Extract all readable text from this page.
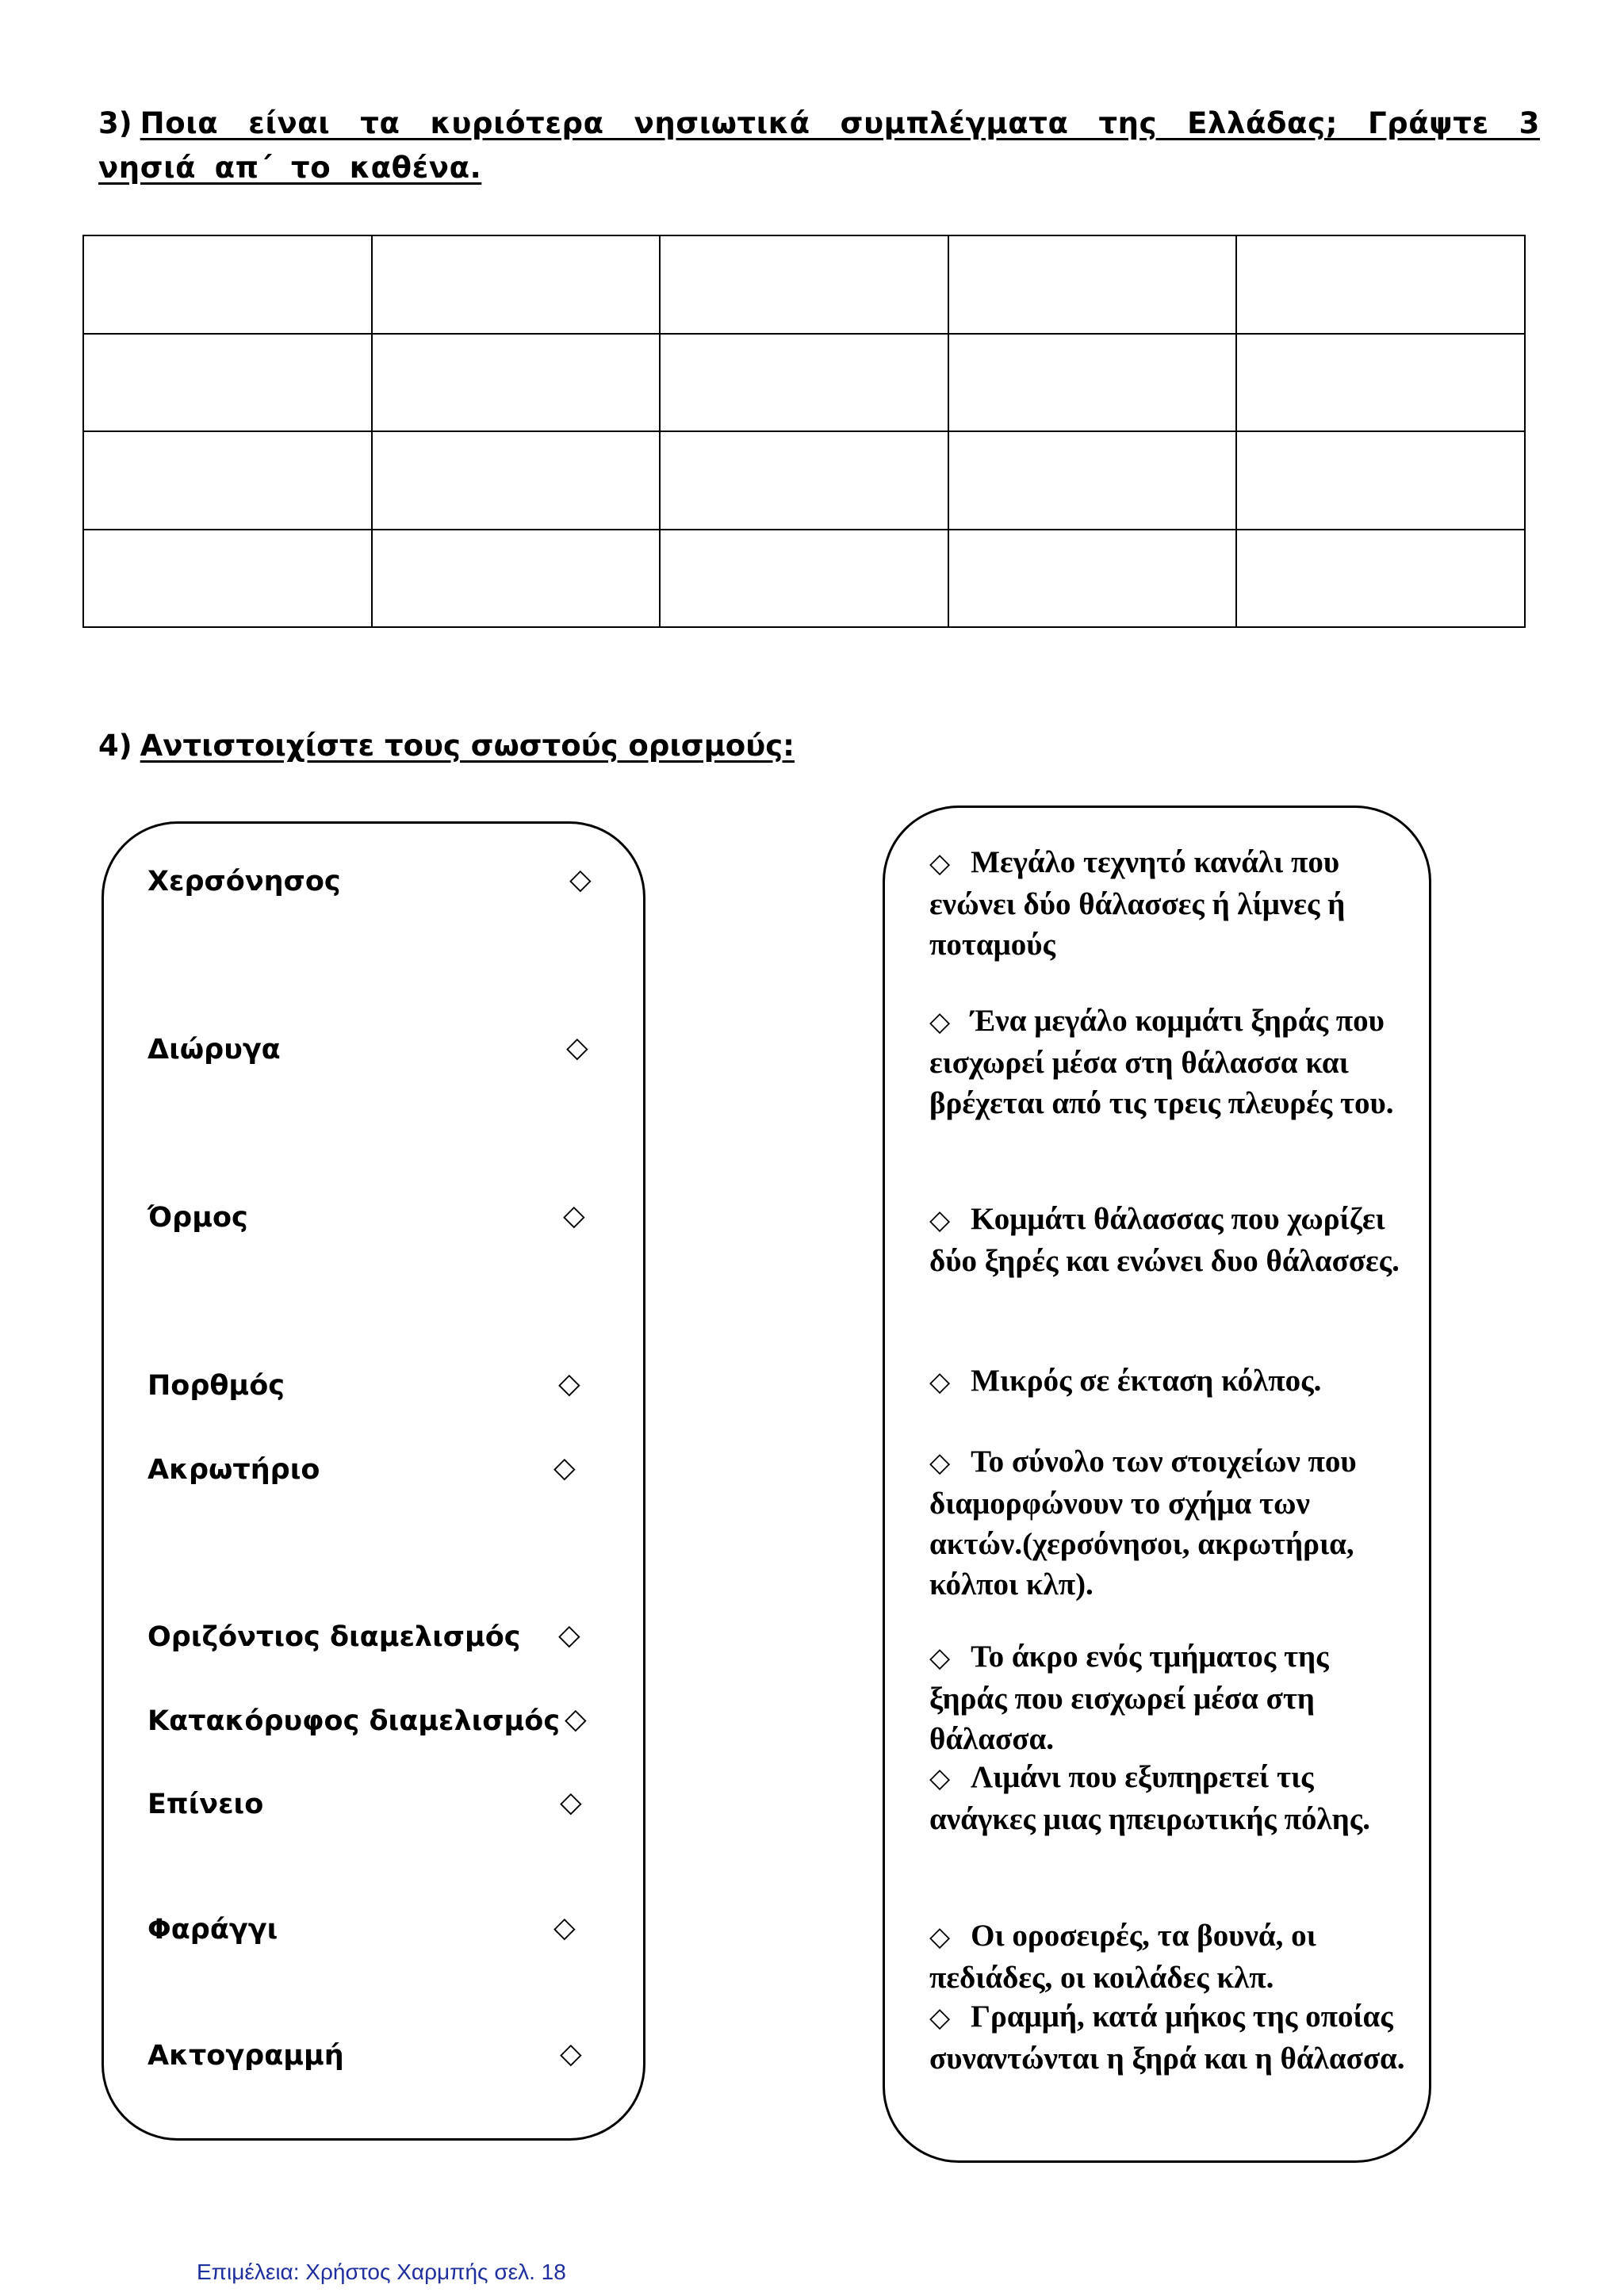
3) Ποια είναι τα κυριότερα νησιωτικά συμπλέγματα της Ελλάδας; Γράψτε 3 νησιά απ΄ το καθένα.

4) Αντιστοιχίστε τους σωστούς ορισμούς:
Χερσόνησος	◇
Διώρυγα	◇
Όρμος	◇
Πορθμός	◇
Ακρωτήριο	◇
Οριζόντιος διαμελισμός ◇
Κατακόρυφος διαμελισμός ◇
Επίνειο	◇
Φαράγγι	◇
Ακτογραμμή	◇
◇ Μεγάλο τεχνητό κανάλι που ενώνει δύο θάλασσες ή λίμνες ή ποταμούς
◇ Ένα μεγάλο κομμάτι ξηράς που εισχωρεί μέσα στη θάλασσα και βρέχεται από τις τρεις πλευρές του.
◇ Κομμάτι θάλασσας που χωρίζει δύο ξηρές και ενώνει δυο θάλασσες.
◇ Μικρός σε έκταση κόλπος.
◇ Το σύνολο των στοιχείων που διαμορφώνουν το σχήμα των ακτών.(χερσόνησοι, ακρωτήρια, κόλποι κλπ).
◇ Το άκρο ενός τμήματος της ξηράς που εισχωρεί μέσα στη θάλασσα.
◇ Λιμάνι που εξυπηρετεί τις ανάγκες μιας ηπειρωτικής πόλης.
◇ Οι οροσειρές, τα βουνά, οι πεδιάδες, οι κοιλάδες κλπ.
◇ Γραμμή, κατά μήκος της οποίας συναντώνται η ξηρά και η θάλασσα.
Επιμέλεια: Χρήστος Χαρμπής σελ. 18
